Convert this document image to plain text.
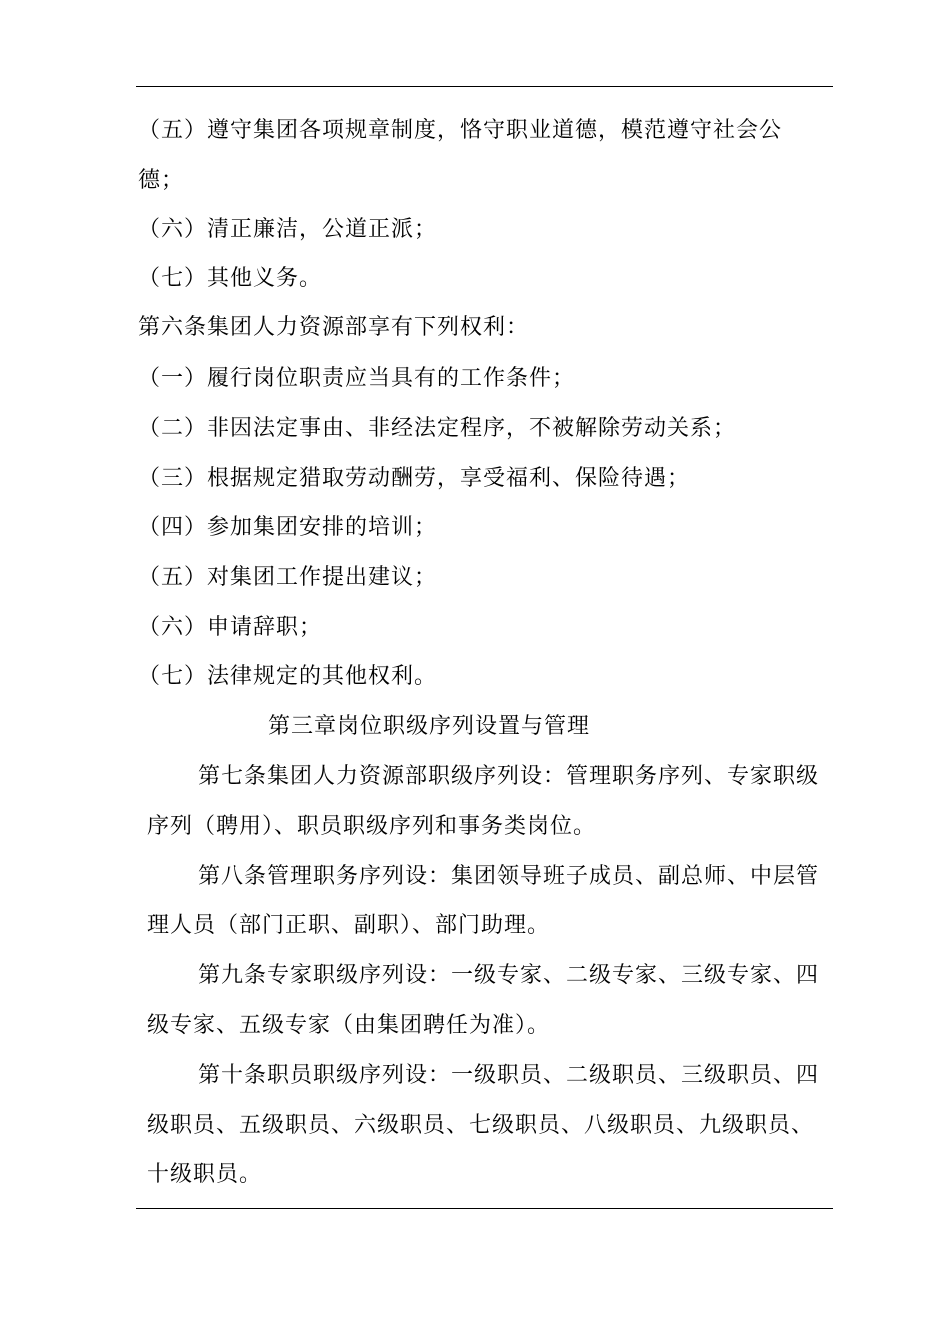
（五）遵守集团各项规章制度，恪守职业道德，模范遵守社会公
德；
（六）清正廉洁，公道正派；
（七）其他义务。
第六条集团人力资源部享有下列权利：
（一）履行岗位职责应当具有的工作条件；
（二）非因法定事由、非经法定程序，不被解除劳动关系；
（三）根据规定猎取劳动酬劳，享受福利、保险待遇；
（四）参加集团安排的培训；
（五）对集团工作提出建议；
（六）申请辞职；
（七）法律规定的其他权利。
第三章岗位职级序列设置与管理
第七条集团人力资源部职级序列设：管理职务序列、专家职级
序列（聘用）、职员职级序列和事务类岗位。
第八条管理职务序列设：集团领导班子成员、副总师、中层管
理人员（部门正职、副职）、部门助理。
第九条专家职级序列设：一级专家、二级专家、三级专家、四
级专家、五级专家（由集团聘任为准）。
第十条职员职级序列设：一级职员、二级职员、三级职员、四
级职员、五级职员、六级职员、七级职员、八级职员、九级职员、
十级职员。
